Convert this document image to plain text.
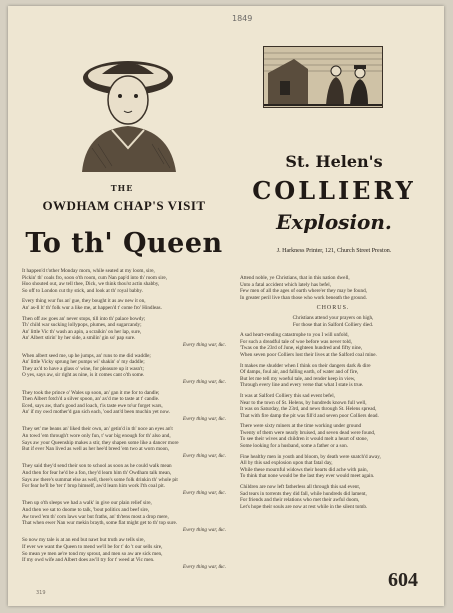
1849
THE
OWDHAM CHAP'S VISIT
To th' Queen
It happen'd t'other Monday morn, while seated at my loom, sire,
Pickin' th' coals fro, soon o'th room, cum Nan pap'd into th' room sire,
Hoo shouted out, aw tell thee, Dick, we think thou'st actin shabby,
So off to London cut thy stick, and look at th' royal babby.
Every thing wur fus an' gue, they bought it as aw new it on,
An' as-ll lt' th' folk wur a like me, at happen'd t' come fro' Hindleas.
Then off aw goes an' never stops, till into th' palace bowdy;
Th' child war sucking lollypops, plumes, and sugarcandy;
An' little Vic th' wash an apin, a scraikin' on her lap, sure,
An' Albert stirin' by her side, a smilin' gin so' pap sure.
Every thing war, &c.
When albert seed me, up he jumps, an' runs to me did waddle;
An' little Vicky sprung her pumps wi' shakin' o' my daddle;
They ax'd to have a glass o' wine, for pleasure up it wasn't;
O yes, says aw, sir right as nine, is it comes cant o'th some.
Every thing war, &c.
They took the prince o' Wales up soon, an' gan it me for to dandle;
Then Albert fotch'd a silver spoon, an' ax'd me to taste at t' candle.
Eced, says aw, that's good and loach, t'is taste ewe to'ur forget wars,
An' if my owd mother'd gan sich each, 'ood ant'd been muchin yet now.
Every thing war, &c.
They set' me beans an' liked their own, an' getin'd in th' noce an eyes an't
An towd 'em through't wore only fun, t' war big enough for th' also and,
Says aw your Queenship makes a stir, they shapen some like a dancer more
But if ever Nan lived as well as her hee'd breed 'em two at worn moon,
Every thing war, &c.
They said they'd send their son to school as soon as he could walk mean
And then for fear he'd be a fon, they'd learn him th' Owdham talk mean,
Says aw there's summat else as well, there's some folk drinkin th' whole pit
For fear he'll be 'ter t' brop himself, aw'd learn him work I'th coal pit.
Every thing war, &c.
Then up o'th sleeps we had a walk' in give our plain relief sire,
And then we sat to doome to talk, 'bout politics and beef sire,
Aw towd 'em th' corn laws war but fraths, an' th'tens most a drop mere,
That when ewer Nan wur mekin brayth, some flat might get to th' top sure.
Every thing war, &c.
So now my tale is at an end but nawt but truth aw tells sire,
If ever we want the Queen to mend we'll be for t' do 't our sells sire,
So mean ye men ae're tond my sprout, and men so aw are sick men,
If my owd wife and Albert does aw'll try for t' weed at Vic men.
Every thing war, &c.
319
St. Helen's
COLLIERY
Explosion.
J. Harkness Printer, 121, Church Street Preston.
Attend noble, ye Christians, that in this nation dwell,
Unto a fatal accident which lately has befel,
Few men of all the ages of earth where'er they may be found,
In greater peril live than those who work beneath the ground.
CHORUS.
Christians attend your prayers on high,
For those that in Salford Colliery died.
A sad heart-rending catastrophe to you I will unfold,
For such a dreadful tale of woe before was never told,
'Twas on the 23rd of June, eighteen hundred and fifty nine,
When seven poor Colliers lost their lives at the Salford coal mine.
It makes me shudder when I think on their dangers dark & dire
Of damps, foul air, and falling earth, of water and of fire,
But let me tell my woeful tale, and render keep in view,
Through every line and every verse that what I state is true.
It was at Salford Colliery this sad event befel,
Near to the town of St. Helens, by hundreds known full well,
It was on Saturday, the 23rd, and news through St. Helens spread,
That with fire damp the pit was fill'd and seven poor Colliers dead.
There were sixty miners at the time working under ground
Twenty of them were nearly bruised, and seven dead were found,
To see their wives and children it would melt a heart of stone,
Some looking for a husband, some a father or a son.
Fine healthy men in youth and bloom, by death were snatch'd away,
All by this sad explosion upon that fatal day,
While these mournful widows their hearts did ache with pain,
To think that none would be the last they ever would meet again.
Children are now left fatherless all through this sad event,
Sad tears in torrents they did fall, while hundreds did lament,
For friends and their relations who met their awful doom,
Let's hope their souls are now at rest while in the silent tomb.
604
